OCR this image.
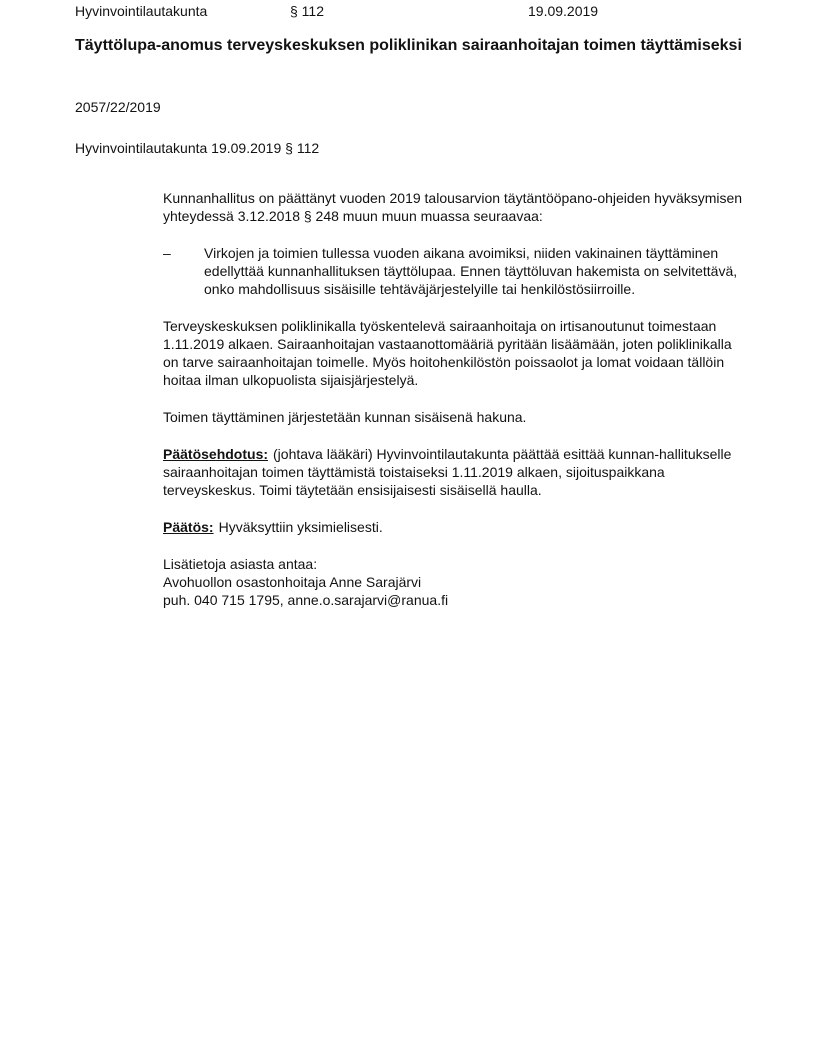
Hyvinvointilautakunta	§ 112	19.09.2019
Täyttölupa-anomus terveyskeskuksen poliklinikan sairaanhoitajan toimen täyttämiseksi
2057/22/2019
Hyvinvointilautakunta 19.09.2019 § 112

Kunnanhallitus on päättänyt vuoden 2019 talousarvion täytäntööpano-ohjeiden hyväksymisen yhteydessä 3.12.2018 § 248 muun muun muassa seuraavaa:

–	Virkojen ja toimien tullessa vuoden aikana avoimiksi, niiden vakinainen täyttäminen edellyttää kunnanhallituksen täyttölupaa. Ennen täyttöluvan hakemista on selvitettävä, onko mahdollisuus sisäisille tehtäväjärjestelyille tai henkilöstösiirroille.

Terveyskeskuksen poliklinikalla työskentelevä sairaanhoitaja on irtisanoutunut toimestaan 1.11.2019 alkaen. Sairaanhoitajan vastaanottomääriä pyritään lisäämään, joten poliklinikalla on tarve sairaanhoitajan toimelle. Myös hoitohenkilöstön poissaolot ja lomat voidaan tällöin hoitaa ilman ulkopuolista sijaisjärjestelyä.

Toimen täyttäminen järjestetään kunnan sisäisenä hakuna.

Päätösehdotus: (johtava lääkäri) Hyvinvointilautakunta päättää esittää kunnan-hallitukselle sairaanhoitajan toimen täyttämistä toistaiseksi 1.11.2019 alkaen, sijoituspaikkana terveyskeskus. Toimi täytetään ensisijaisesti sisäisellä haulla.

Päätös: Hyväksyttiin yksimielisesti.

Lisätietoja asiasta antaa:
Avohuollon osastonhoitaja Anne Sarajärvi
puh. 040 715 1795, anne.o.sarajarvi@ranua.fi
